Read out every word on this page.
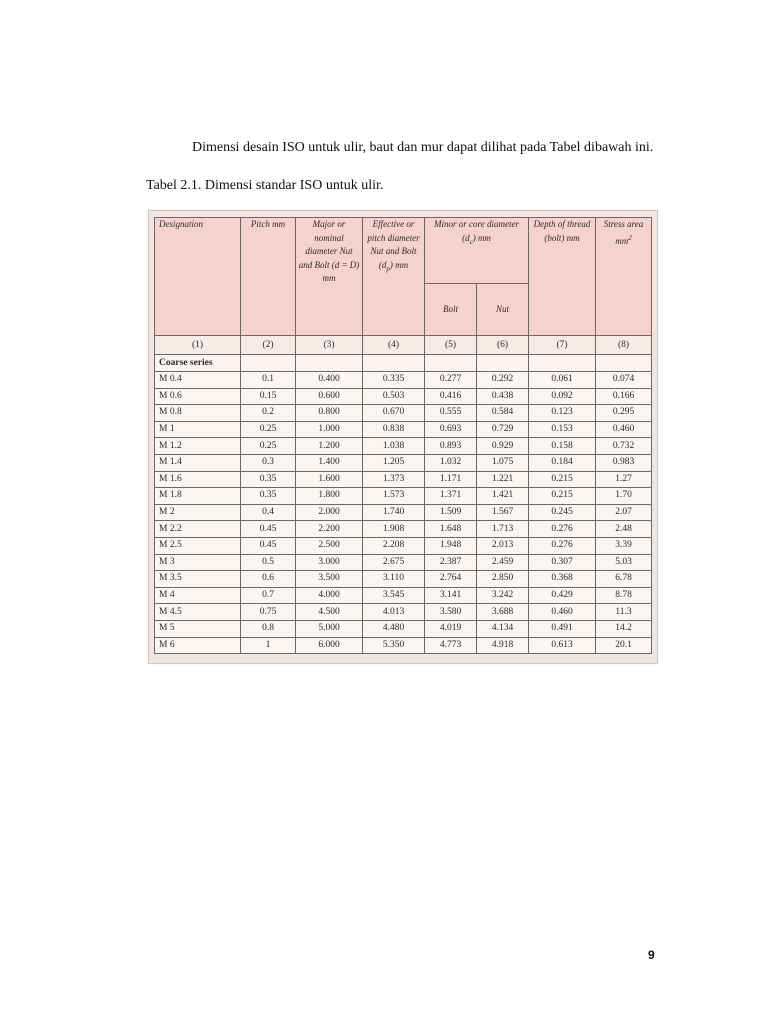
Dimensi desain ISO untuk ulir, baut dan mur dapat dilihat pada Tabel dibawah ini.

Tabel 2.1. Dimensi standar ISO untuk ulir.
Designation	Pitch mm	Major or nominal diameter Nut and Bolt (d = D) mm	Effective or pitch diameter Nut and Bolt $(d_p)$ mm	Minor or core diameter $(d_c)$ mm		Depth of thread (bolt) mm	Stress area $mm^2$
				Bolt	Nut		
(1)	(2)	(3)	(4)	(5)	(6)	(7)	(8)
Coarse series							
M 0.4	0.1	0.400	0.335	0.277	0.292	0.061	0.074
M 0.6	0.15	0.600	0.503	0.416	0.438	0.092	0.166
M 0.8	0.2	0.800	0.670	0.555	0.584	0.123	0.295
M 1	0.25	1.000	0.838	0.693	0.729	0.153	0.460
M 1.2	0.25	1.200	1.038	0.893	0.929	0.158	0.732
M 1.4	0.3	1.400	1.205	1.032	1.075	0.184	0.983
M 1.6	0.35	1.600	1.373	1.171	1.221	0.215	1.27
M 1.8	0.35	1.800	1.573	1.371	1.421	0.215	1.70
M 2	0.4	2.000	1.740	1.509	1.567	0.245	2.07
M 2.2	0.45	2.200	1.908	1.648	1.713	0.276	2.48
M 2.5	0.45	2.500	2.208	1.948	2.013	0.276	3.39
M 3	0.5	3.000	2.675	2.387	2.459	0.307	5.03
M 3.5	0.6	3.500	3.110	2.764	2.850	0.368	6.78
M 4	0.7	4.000	3.545	3.141	3.242	0.429	8.78
M 4.5	0.75	4.500	4.013	3.580	3.688	0.460	11.3
M 5	0.8	5.000	4.480	4.019	4.134	0.491	14.2
M 6	1	6.000	5.350	4.773	4.918	0.613	20.1
9
